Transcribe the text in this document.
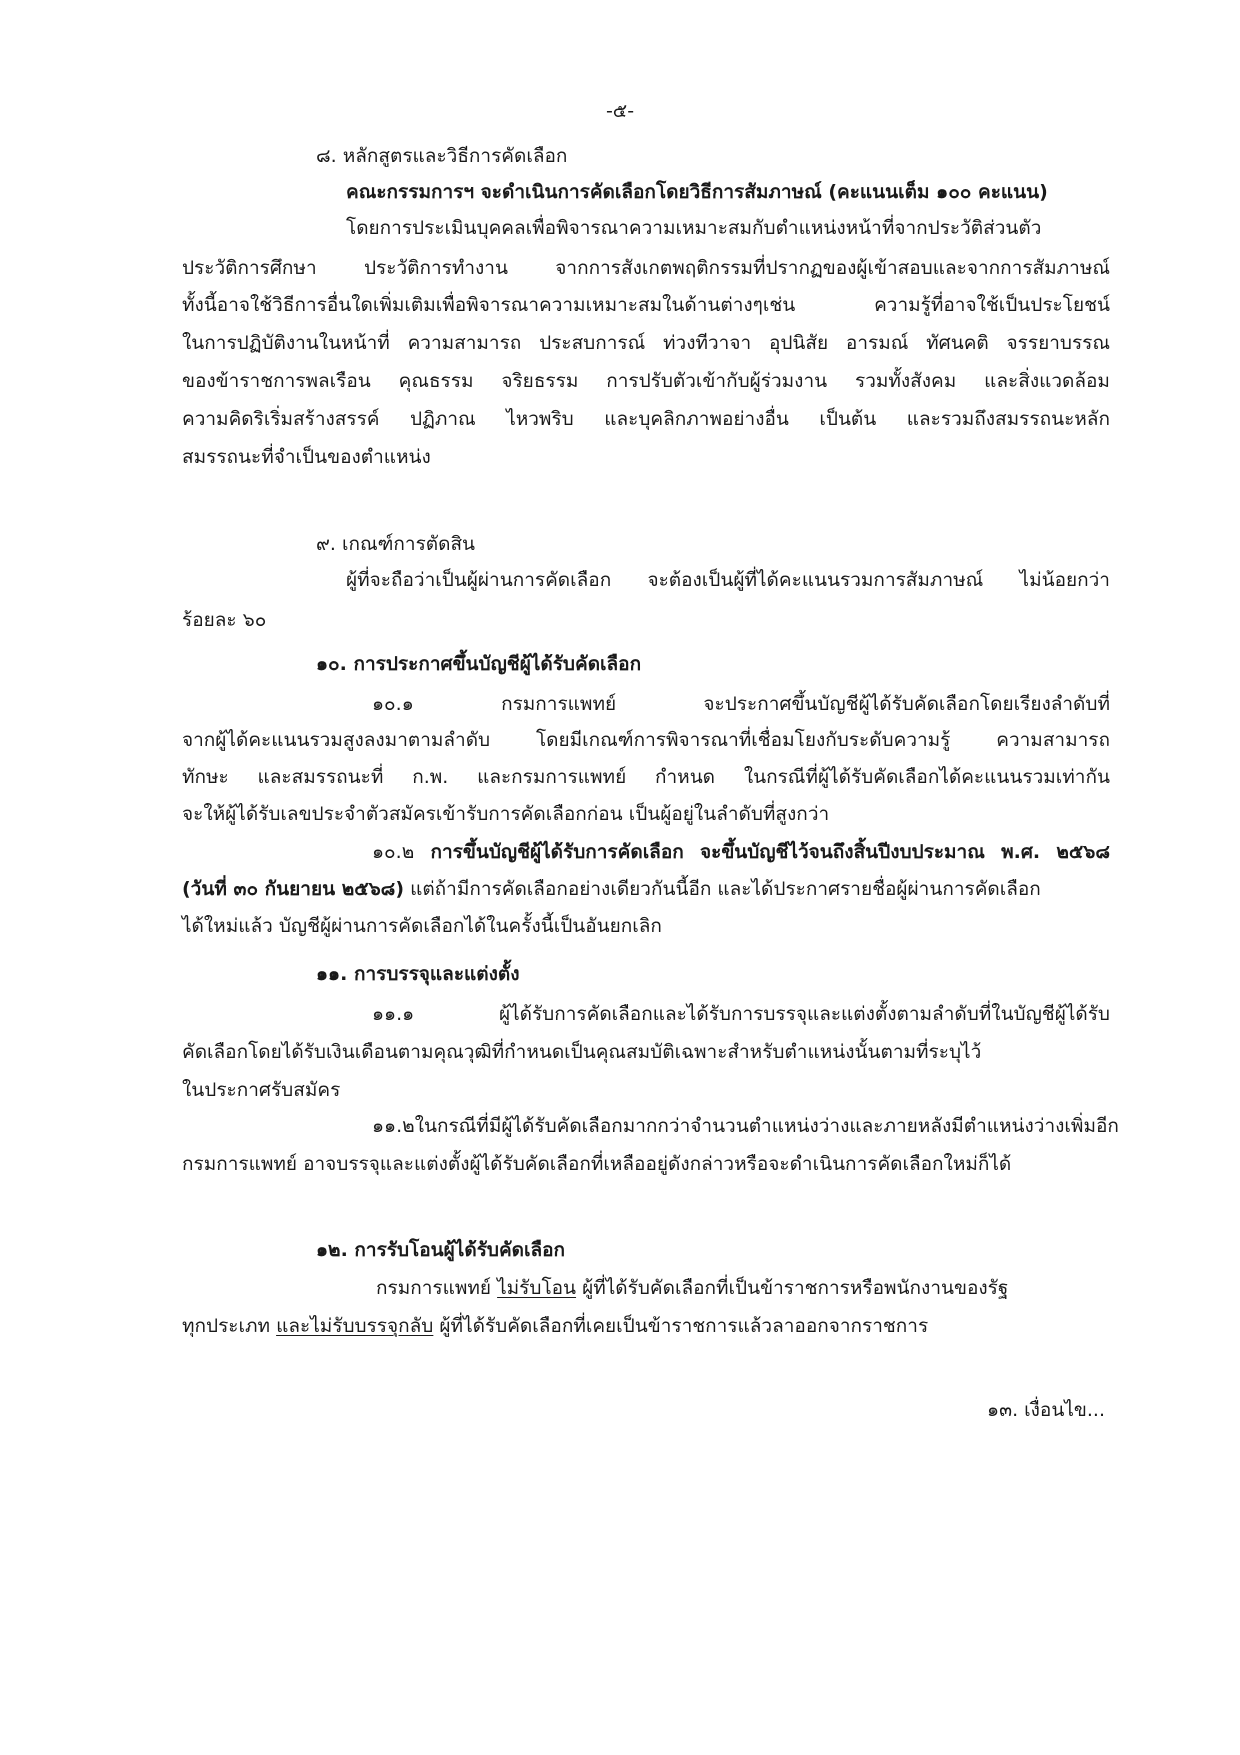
-๕-
๘. หลักสูตรและวิธีการคัดเลือก
คณะกรรมการฯ จะดำเนินการคัดเลือกโดยวิธีการสัมภาษณ์ (คะแนนเต็ม ๑๐๐ คะแนน)
โดยการประเมินบุคคลเพื่อพิจารณาความเหมาะสมกับตำแหน่งหน้าที่จากประวัติส่วนตัว
ประวัติการศึกษา ประวัติการทำงาน จากการสังเกตพฤติกรรมที่ปรากฏของผู้เข้าสอบและจากการสัมภาษณ์
ทั้งนี้อาจใช้วิธีการอื่นใดเพิ่มเติมเพื่อพิจารณาความเหมาะสมในด้านต่างๆเช่น	ความรู้ที่อาจใช้เป็นประโยชน์
ในการปฏิบัติงานในหน้าที่ ความสามารถ ประสบการณ์ ท่วงทีวาจา อุปนิสัย อารมณ์ ทัศนคติ จรรยาบรรณ
ของข้าราชการพลเรือน คุณธรรม จริยธรรม การปรับตัวเข้ากับผู้ร่วมงาน รวมทั้งสังคม และสิ่งแวดล้อม
ความคิดริเริ่มสร้างสรรค์ ปฏิภาณ ไหวพริบ และบุคลิกภาพอย่างอื่น เป็นต้น และรวมถึงสมรรถนะหลัก
สมรรถนะที่จำเป็นของตำแหน่ง
๙. เกณฑ์การตัดสิน
ผู้ที่จะถือว่าเป็นผู้ผ่านการคัดเลือก จะต้องเป็นผู้ที่ได้คะแนนรวมการสัมภาษณ์ ไม่น้อยกว่า
ร้อยละ ๖๐
๑๐. การประกาศขึ้นบัญชีผู้ได้รับคัดเลือก
๑๐.๑	กรมการแพทย์	จะประกาศขึ้นบัญชีผู้ได้รับคัดเลือกโดยเรียงลำดับที่
จากผู้ได้คะแนนรวมสูงลงมาตามลำดับ โดยมีเกณฑ์การพิจารณาที่เชื่อมโยงกับระดับความรู้ ความสามารถ
ทักษะ และสมรรถนะที่ ก.พ. และกรมการแพทย์ กำหนด ในกรณีที่ผู้ได้รับคัดเลือกได้คะแนนรวมเท่ากัน
จะให้ผู้ได้รับเลขประจำตัวสมัครเข้ารับการคัดเลือกก่อน เป็นผู้อยู่ในลำดับที่สูงกว่า
๑๐.๒ การขึ้นบัญชีผู้ได้รับการคัดเลือก จะขึ้นบัญชีไว้จนถึงสิ้นปีงบประมาณ พ.ศ. ๒๕๖๘
(วันที่ ๓๐ กันยายน ๒๕๖๘) แต่ถ้ามีการคัดเลือกอย่างเดียวกันนี้อีก และได้ประกาศรายชื่อผู้ผ่านการคัดเลือก
ได้ใหม่แล้ว บัญชีผู้ผ่านการคัดเลือกได้ในครั้งนี้เป็นอันยกเลิก
๑๑. การบรรจุและแต่งตั้ง
๑๑.๑	ผู้ได้รับการคัดเลือกและได้รับการบรรจุและแต่งตั้งตามลำดับที่ในบัญชีผู้ได้รับ
คัดเลือกโดยได้รับเงินเดือนตามคุณวุฒิที่กำหนดเป็นคุณสมบัติเฉพาะสำหรับตำแหน่งนั้นตามที่ระบุไว้
ในประกาศรับสมัคร
๑๑.๒ ในกรณีที่มีผู้ได้รับคัดเลือกมากกว่าจำนวนตำแหน่งว่างและภายหลังมีตำแหน่งว่างเพิ่มอีก
กรมการแพทย์ อาจบรรจุและแต่งตั้งผู้ได้รับคัดเลือกที่เหลืออยู่ดังกล่าวหรือจะดำเนินการคัดเลือกใหม่ก็ได้
๑๒. การรับโอนผู้ได้รับคัดเลือก
กรมการแพทย์ ไม่รับโอน ผู้ที่ได้รับคัดเลือกที่เป็นข้าราชการหรือพนักงานของรัฐ
ทุกประเภท และไม่รับบรรจุกลับ ผู้ที่ได้รับคัดเลือกที่เคยเป็นข้าราชการแล้วลาออกจากราชการ
๑๓. เงื่อนไข...
